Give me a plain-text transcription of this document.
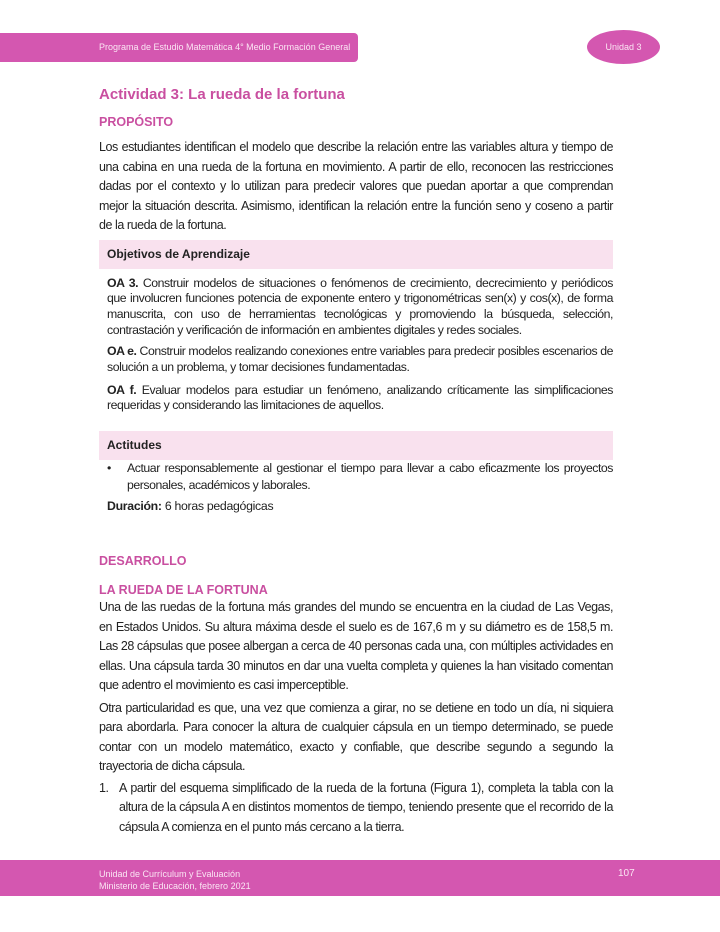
Programa de Estudio Matemática 4° Medio Formación General	Unidad 3
Actividad 3: La rueda de la fortuna
PROPÓSITO
Los estudiantes identifican el modelo que describe la relación entre las variables altura y tiempo de una cabina en una rueda de la fortuna en movimiento. A partir de ello, reconocen las restricciones dadas por el contexto y lo utilizan para predecir valores que puedan aportar a que comprendan mejor la situación descrita. Asimismo, identifican la relación entre la función seno y coseno a partir de la rueda de la fortuna.
Objetivos de Aprendizaje
OA 3. Construir modelos de situaciones o fenómenos de crecimiento, decrecimiento y periódicos que involucren funciones potencia de exponente entero y trigonométricas sen(x) y cos(x), de forma manuscrita, con uso de herramientas tecnológicas y promoviendo la búsqueda, selección, contrastación y verificación de información en ambientes digitales y redes sociales.
OA e. Construir modelos realizando conexiones entre variables para predecir posibles escenarios de solución a un problema, y tomar decisiones fundamentadas.
OA f. Evaluar modelos para estudiar un fenómeno, analizando críticamente las simplificaciones requeridas y considerando las limitaciones de aquellos.
Actitudes
• Actuar responsablemente al gestionar el tiempo para llevar a cabo eficazmente los proyectos personales, académicos y laborales.
Duración: 6 horas pedagógicas
DESARROLLO
LA RUEDA DE LA FORTUNA
Una de las ruedas de la fortuna más grandes del mundo se encuentra en la ciudad de Las Vegas, en Estados Unidos. Su altura máxima desde el suelo es de 167,6 m y su diámetro es de 158,5 m. Las 28 cápsulas que posee albergan a cerca de 40 personas cada una, con múltiples actividades en ellas. Una cápsula tarda 30 minutos en dar una vuelta completa y quienes la han visitado comentan que adentro el movimiento es casi imperceptible.
Otra particularidad es que, una vez que comienza a girar, no se detiene en todo un día, ni siquiera para abordarla. Para conocer la altura de cualquier cápsula en un tiempo determinado, se puede contar con un modelo matemático, exacto y confiable, que describe segundo a segundo la trayectoria de dicha cápsula.
1. A partir del esquema simplificado de la rueda de la fortuna (Figura 1), completa la tabla con la altura de la cápsula A en distintos momentos de tiempo, teniendo presente que el recorrido de la cápsula A comienza en el punto más cercano a la tierra.
Unidad de Currículum y Evaluación
Ministerio de Educación, febrero 2021
107
